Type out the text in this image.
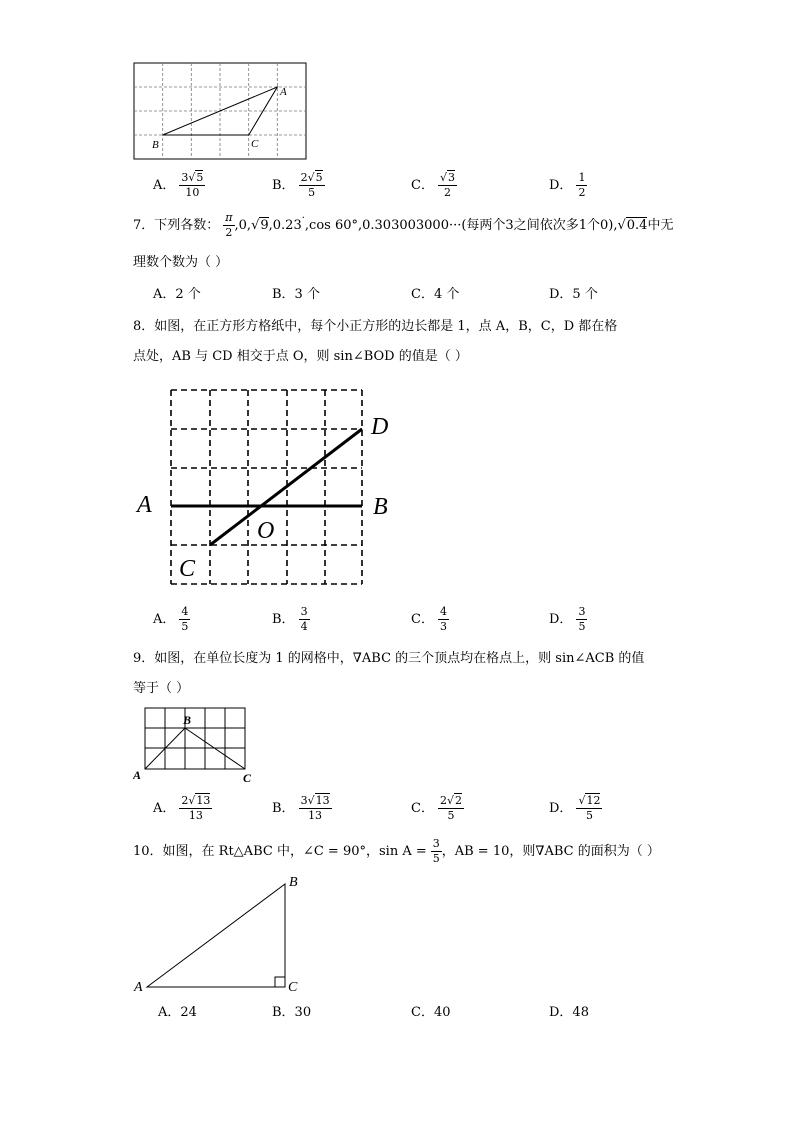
A
B	C
A． $\frac{3√5}{10}$	B． $\frac{2√5}{5}$	C． $\frac{√3}{2}$	D． $\frac{1}{2}$
7．下列各数： $\frac{\pi}{2} ,0,√9,0.23^\cdot,\cos$ 60°,0.303003000···(每两个3之间依次多1个0),√0.4中无
理数个数为（ ）
A．2 个	B．3 个	C．4 个	D．5 个
8．如图，在正方形方格纸中，每个小正方形的边长都是 1，点 A，B，C，D 都在格
点处，AB 与 CD 相交于点 O，则 sin∠BOD 的值是（ ）
A	B
C
D
O
A． $\frac{4}{5}$	B． $\frac{3}{4}$	C． $\frac{4}{3}$	D． $\frac{3}{5}$
9．如图，在单位长度为 1 的网格中，∇ABC 的三个顶点均在格点上，则 sin∠ACB 的值
等于（ ）
A
B
C
A． $\frac{2√13}{13}$	B． $\frac{3√13}{13}$	C． $\frac{2√2}{5}$	D． $\frac{√12}{5}$
10．如图，在 Rt△ABC 中，∠C = 90°，$\sin A = \frac{3}{5}$ ，AB = 10，则∇ABC 的面积为（ ）
A
B
C
A．24	B．30	C．40	D．48
